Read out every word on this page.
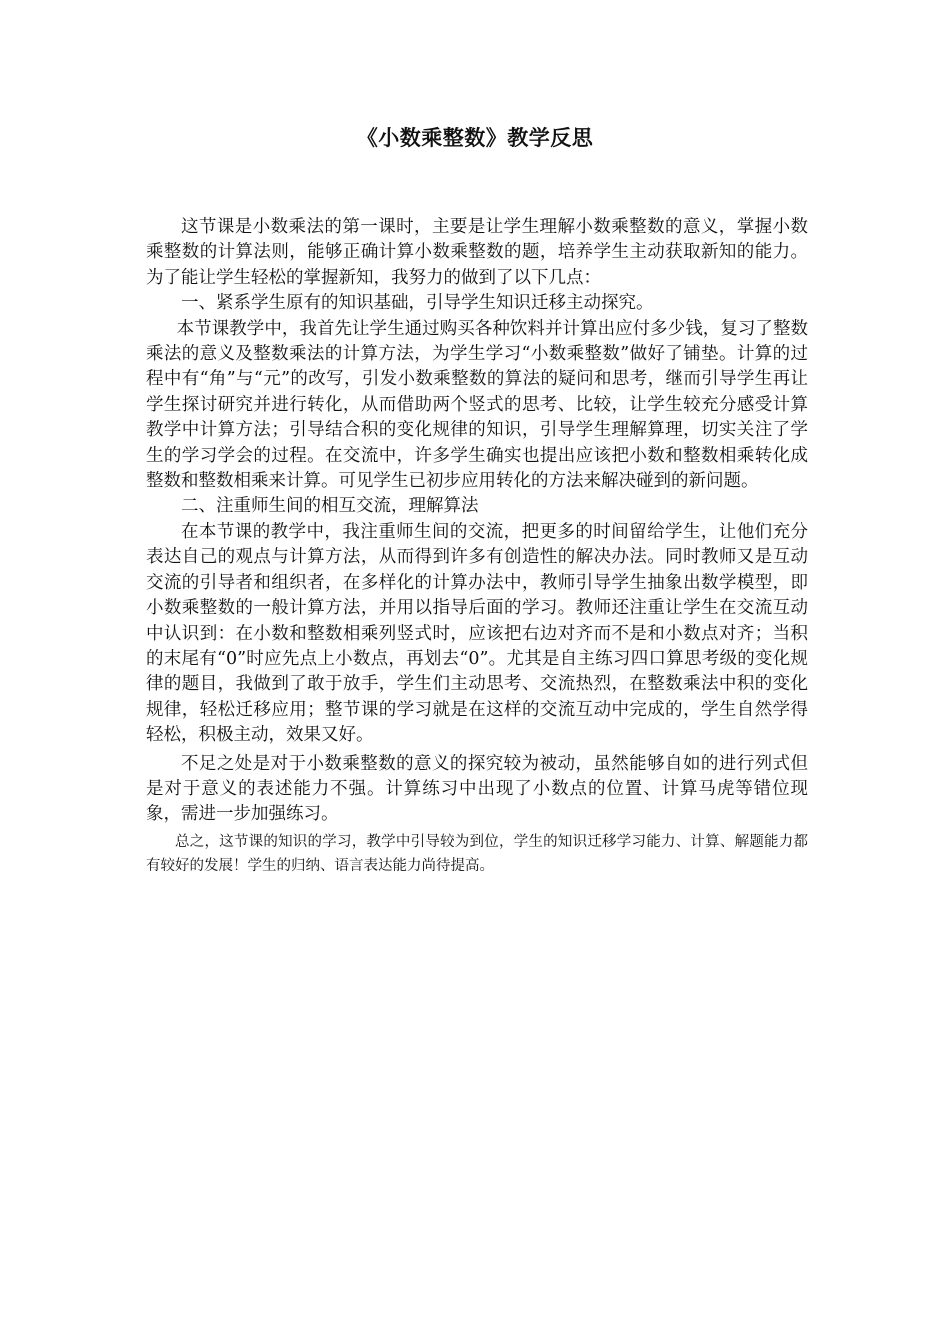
《小数乘整数》教学反思

这节课是小数乘法的第一课时，主要是让学生理解小数乘整数的意义，掌握小数乘整数的计算法则，能够正确计算小数乘整数的题，培养学生主动获取新知的能力。为了能让学生轻松的掌握新知，我努力的做到了以下几点：

一、紧系学生原有的知识基础，引导学生知识迁移主动探究。

本节课教学中，我首先让学生通过购买各种饮料并计算出应付多少钱，复习了整数乘法的意义及整数乘法的计算方法，为学生学习“小数乘整数”做好了铺垫。计算的过程中有“角”与“元”的改写，引发小数乘整数的算法的疑问和思考，继而引导学生再让学生探讨研究并进行转化，从而借助两个竖式的思考、比较，让学生较充分感受计算教学中计算方法；引导结合积的变化规律的知识，引导学生理解算理，切实关注了学生的学习学会的过程。在交流中，许多学生确实也提出应该把小数和整数相乘转化成整数和整数相乘来计算。可见学生已初步应用转化的方法来解决碰到的新问题。

二、注重师生间的相互交流，理解算法

在本节课的教学中，我注重师生间的交流，把更多的时间留给学生，让他们充分表达自己的观点与计算方法，从而得到许多有创造性的解决办法。同时教师又是互动交流的引导者和组织者，在多样化的计算办法中，教师引导学生抽象出数学模型，即小数乘整数的一般计算方法，并用以指导后面的学习。教师还注重让学生在交流互动中认识到：在小数和整数相乘列竖式时，应该把右边对齐而不是和小数点对齐；当积的末尾有“0”时应先点上小数点，再划去“0”。尤其是自主练习四口算思考级的变化规律的题目，我做到了敢于放手，学生们主动思考、交流热烈，在整数乘法中积的变化规律，轻松迁移应用；整节课的学习就是在这样的交流互动中完成的，学生自然学得轻松，积极主动，效果又好。

不足之处是对于小数乘整数的意义的探究较为被动，虽然能够自如的进行列式但是对于意义的表述能力不强。计算练习中出现了小数点的位置、计算马虎等错位现象，需进一步加强练习。

总之，这节课的知识的学习，教学中引导较为到位，学生的知识迁移学习能力、计算、解题能力都有较好的发展！学生的归纳、语言表达能力尚待提高。
